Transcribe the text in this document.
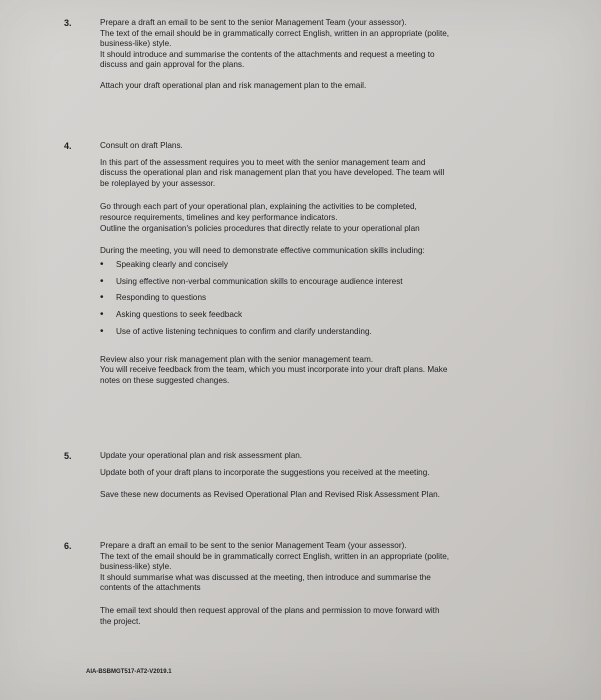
3.	Prepare a draft an email to be sent to the senior Management Team (your assessor).
The text of the email should be in grammatically correct English, written in an appropriate (polite,
business-like) style.
It should introduce and summarise the contents of the attachments and request a meeting to
discuss and gain approval for the plans.
Attach your draft operational plan and risk management plan to the email.
4.	Consult on draft Plans.
In this part of the assessment requires you to meet with the senior management team and
discuss the operational plan and risk management plan that you have developed. The team will
be roleplayed by your assessor.
Go through each part of your operational plan, explaining the activities to be completed,
resource requirements, timelines and key performance indicators.
Outline the organisation's policies procedures that directly relate to your operational plan
During the meeting, you will need to demonstrate effective communication skills including:
• Speaking clearly and concisely
• Using effective non-verbal communication skills to encourage audience interest
• Responding to questions
• Asking questions to seek feedback
• Use of active listening techniques to confirm and clarify understanding.
Review also your risk management plan with the senior management team.
You will receive feedback from the team, which you must incorporate into your draft plans. Make
notes on these suggested changes.
5.	Update your operational plan and risk assessment plan.
Update both of your draft plans to incorporate the suggestions you received at the meeting.
Save these new documents as Revised Operational Plan and Revised Risk Assessment Plan.
6.	Prepare a draft an email to be sent to the senior Management Team (your assessor).
The text of the email should be in grammatically correct English, written in an appropriate (polite,
business-like) style.
It should summarise what was discussed at the meeting, then introduce and summarise the
contents of the attachments
The email text should then request approval of the plans and permission to move forward with
the project.
AIA-BSBMGT517-AT2-V2019.1
